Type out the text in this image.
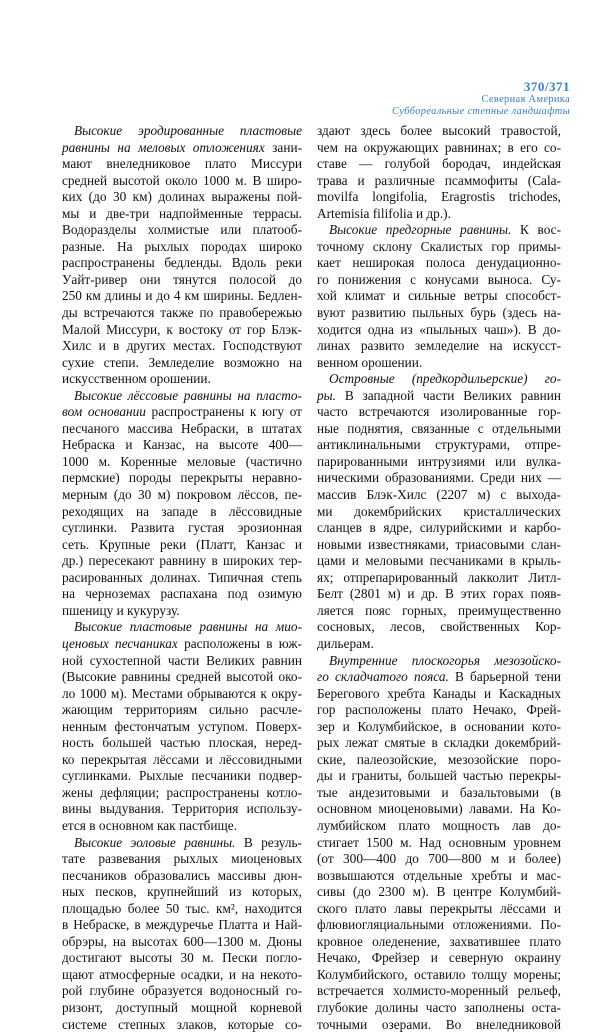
370/371
Северная Америка
Суббореальные степные ландшафты
Высокие эродированные пластовые
равнины на меловых отложениях зани-
мают внеледниковое плато Миссури
средней высотой около 1000 м. В широ-
ких (до 30 км) долинах выражены пой-
мы и две-три надпойменные террасы.
Водоразделы холмистые или платооб-
разные. На рыхлых породах широко
распространены бедленды. Вдоль реки
Уайт-ривер они тянутся полосой до
250 км длины и до 4 км ширины. Бедлен-
ды встречаются также по правобережью
Малой Миссури, к востоку от гор Блэк-
Хилс и в других местах. Господствуют
сухие степи. Земледелие возможно на
искусственном орошении.
Высокие лёссовые равнины на пласто-
вом основании распространены к югу от
песчаного массива Небраски, в штатах
Небраска и Канзас, на высоте 400—
1000 м. Коренные меловые (частично
пермские) породы перекрыты неравно-
мерным (до 30 м) покровом лёссов, пе-
реходящих на западе в лёссовидные
суглинки. Развита густая эрозионная
сеть. Крупные реки (Платт, Канзас и
др.) пересекают равнину в широких тер-
расированных долинах. Типичная степь
на черноземах распахана под озимую
пшеницу и кукурузу.
Высокие пластовые равнины на мио-
ценовых песчаниках расположены в юж-
ной сухостепной части Великих равнин
(Высокие равнины средней высотой око-
ло 1000 м). Местами обрываются к окру-
жающим территориям сильно расчле-
ненным фестончатым уступом. Поверх-
ность большей частью плоская, неред-
ко перекрытая лёссами и лёссовидными
суглинками. Рыхлые песчаники подвер-
жены дефляции; распространены котло-
вины выдувания. Территория использу-
ется в основном как пастбище.
Высокие эоловые равнины. В резуль-
тате развевания рыхлых миоценовых
песчаников образовались массивы дюн-
ных песков, крупнейший из которых,
площадью более 50 тыс. км², находится
в Небраске, в междуречье Платта и Най-
обрэры, на высотах 600—1300 м. Дюны
достигают высоты 30 м. Пески погло-
щают атмосферные осадки, и на некото-
рой глубине образуется водоносный го-
ризонт, доступный мощной корневой
системе степных злаков, которые со-
здают здесь более высокий травостой,
чем на окружающих равнинах; в его со-
ставе — голубой бородач, индейская
трава и различные псаммофиты (Cala-
movilfa longifolia, Eragrostis trichodes,
Artemisia filifolia и др.).
Высокие предгорные равнины. К вос-
точному склону Скалистых гор примы-
кает неширокая полоса денудационно-
го понижения с конусами выноса. Су-
хой климат и сильные ветры способст-
вуют развитию пыльных бурь (здесь на-
ходится одна из «пыльных чаш»). В до-
линах развито земледелие на искусст-
венном орошении.
Островные (предкордильерские) го-
ры. В западной части Великих равнин
часто встречаются изолированные гор-
ные поднятия, связанные с отдельными
антиклинальными структурами, отпре-
парированными интрузиями или вулка-
ническими образованиями. Среди них —
массив Блэк-Хилс (2207 м) с выхода-
ми докембрийских кристаллических
сланцев в ядре, силурийскими и карбо-
новыми известняками, триасовыми слан-
цами и меловыми песчаниками в крыль-
ях; отпрепарированный лакколит Литл-
Белт (2801 м) и др. В этих горах появ-
ляется пояс горных, преимущественно
сосновых, лесов, свойственных Кор-
дильерам.
Внутренние плоскогорья мезозойско-
го складчатого пояса. В барьерной тени
Берегового хребта Канады и Каскадных
гор расположены плато Нечако, Фрей-
зер и Колумбийское, в основании кото-
рых лежат смятые в складки докембрий-
ские, палеозойские, мезозойские поро-
ды и граниты, большей частью перекры-
тые андезитовыми и базальтовыми (в
основном миоценовыми) лавами. На Ко-
лумбийском плато мощность лав до-
стигает 1500 м. Над основным уровнем
(от 300—400 до 700—800 м и более)
возвышаются отдельные хребты и мас-
сивы (до 2300 м). В центре Колумбий-
ского плато лавы перекрыты лёссами и
флювиогляциальными отложениями. По-
кровное оледенение, захватившее плато
Нечако, Фрейзер и северную окраину
Колумбийского, оставило толщу морены;
встречается холмисто-моренный рельеф,
глубокие долины часто заполнены оста-
точными озерами. Во внеледниковой
